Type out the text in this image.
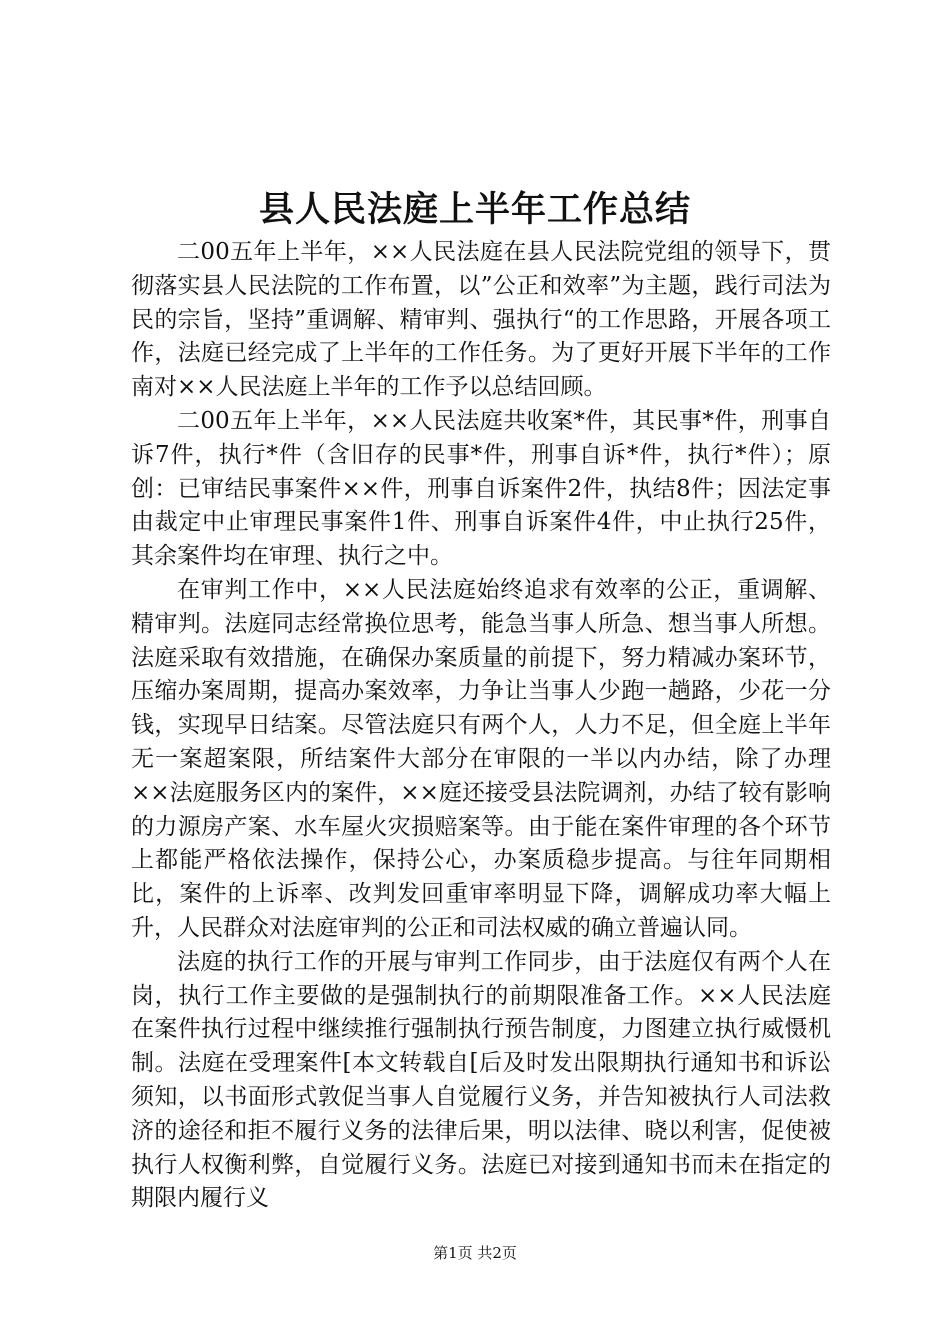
县人民法庭上半年工作总结

二00五年上半年，××人民法庭在县人民法院党组的领导下，贯彻落实县人民法院的工作布置，以”公正和效率”为主题，践行司法为民的宗旨，坚持”重调解、精审判、强执行“的工作思路，开展各项工作，法庭已经完成了上半年的工作任务。为了更好开展下半年的工作南对××人民法庭上半年的工作予以总结回顾。

二00五年上半年，××人民法庭共收案*件，其民事*件，刑事自诉7件，执行*件（含旧存的民事*件，刑事自诉*件，执行*件）；原创：已审结民事案件××件，刑事自诉案件2件，执结8件；因法定事由裁定中止审理民事案件1件、刑事自诉案件4件，中止执行25件，其余案件均在审理、执行之中。

在审判工作中，××人民法庭始终追求有效率的公正，重调解、精审判。法庭同志经常换位思考，能急当事人所急、想当事人所想。法庭采取有效措施，在确保办案质量的前提下，努力精减办案环节，压缩办案周期，提高办案效率，力争让当事人少跑一趟路，少花一分钱，实现早日结案。尽管法庭只有两个人，人力不足，但全庭上半年无一案超案限，所结案件大部分在审限的一半以内办结，除了办理××法庭服务区内的案件，××庭还接受县法院调剂，办结了较有影响的力源房产案、水车屋火灾损赔案等。由于能在案件审理的各个环节上都能严格依法操作，保持公心，办案质稳步提高。与往年同期相比，案件的上诉率、改判发回重审率明显下降，调解成功率大幅上升，人民群众对法庭审判的公正和司法权威的确立普遍认同。

法庭的执行工作的开展与审判工作同步，由于法庭仅有两个人在岗，执行工作主要做的是强制执行的前期限准备工作。××人民法庭在案件执行过程中继续推行强制执行预告制度，力图建立执行威慑机制。法庭在受理案件[本文转载自[后及时发出限期执行通知书和诉讼须知，以书面形式敦促当事人自觉履行义务，并告知被执行人司法救济的途径和拒不履行义务的法律后果，明以法律、晓以利害，促使被执行人权衡利弊，自觉履行义务。法庭已对接到通知书而未在指定的期限内履行义

第1页 共2页
